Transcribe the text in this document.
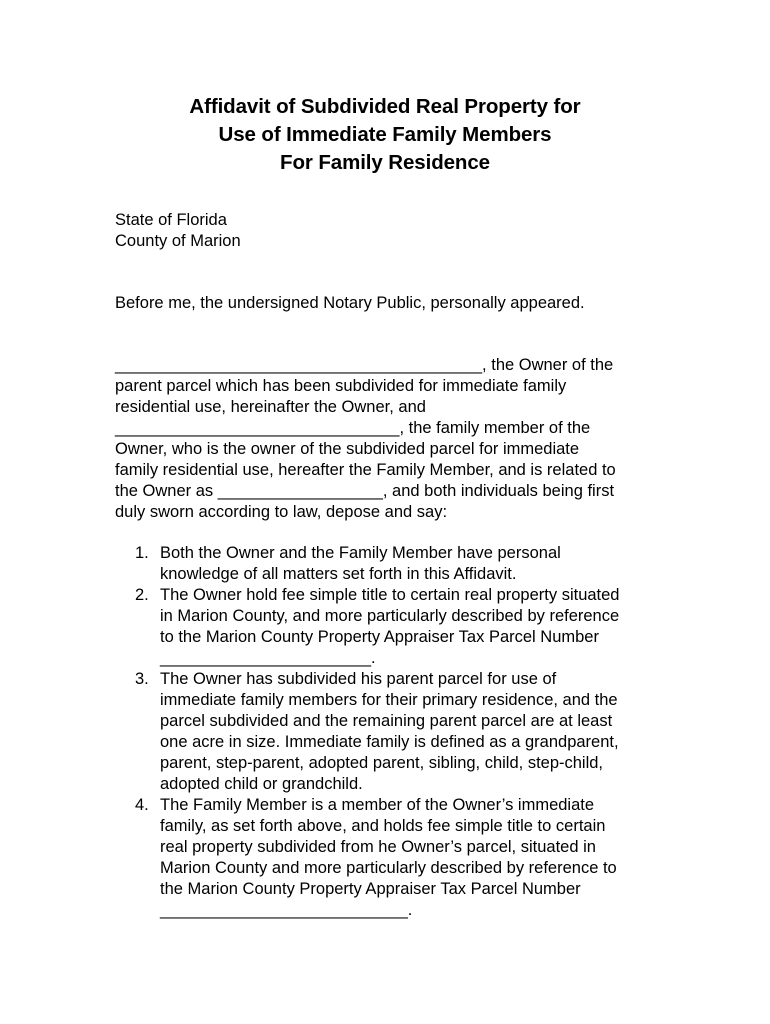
Affidavit of Subdivided Real Property for
Use of Immediate Family Members
For Family Residence
State of Florida
County of Marion
Before me, the undersigned Notary Public, personally appeared.
________________________________________, the Owner of the
parent parcel which has been subdivided for immediate family
residential use, hereinafter the Owner, and
_______________________________, the family member of the
Owner, who is the owner of the subdivided parcel for immediate
family residential use, hereafter the Family Member, and is related to
the Owner as __________________, and both individuals being first
duly sworn according to law, depose and say:
1. Both the Owner and the Family Member have personal
knowledge of all matters set forth in this Affidavit.
2. The Owner hold fee simple title to certain real property situated
in Marion County, and more particularly described by reference
to the Marion County Property Appraiser Tax Parcel Number
_______________________.
3. The Owner has subdivided his parent parcel for use of
immediate family members for their primary residence, and the
parcel subdivided and the remaining parent parcel are at least
one acre in size. Immediate family is defined as a grandparent,
parent, step-parent, adopted parent, sibling, child, step-child,
adopted child or grandchild.
4. The Family Member is a member of the Owner’s immediate
family, as set forth above, and holds fee simple title to certain
real property subdivided from he Owner’s parcel, situated in
Marion County and more particularly described by reference to
the Marion County Property Appraiser Tax Parcel Number
___________________________.
